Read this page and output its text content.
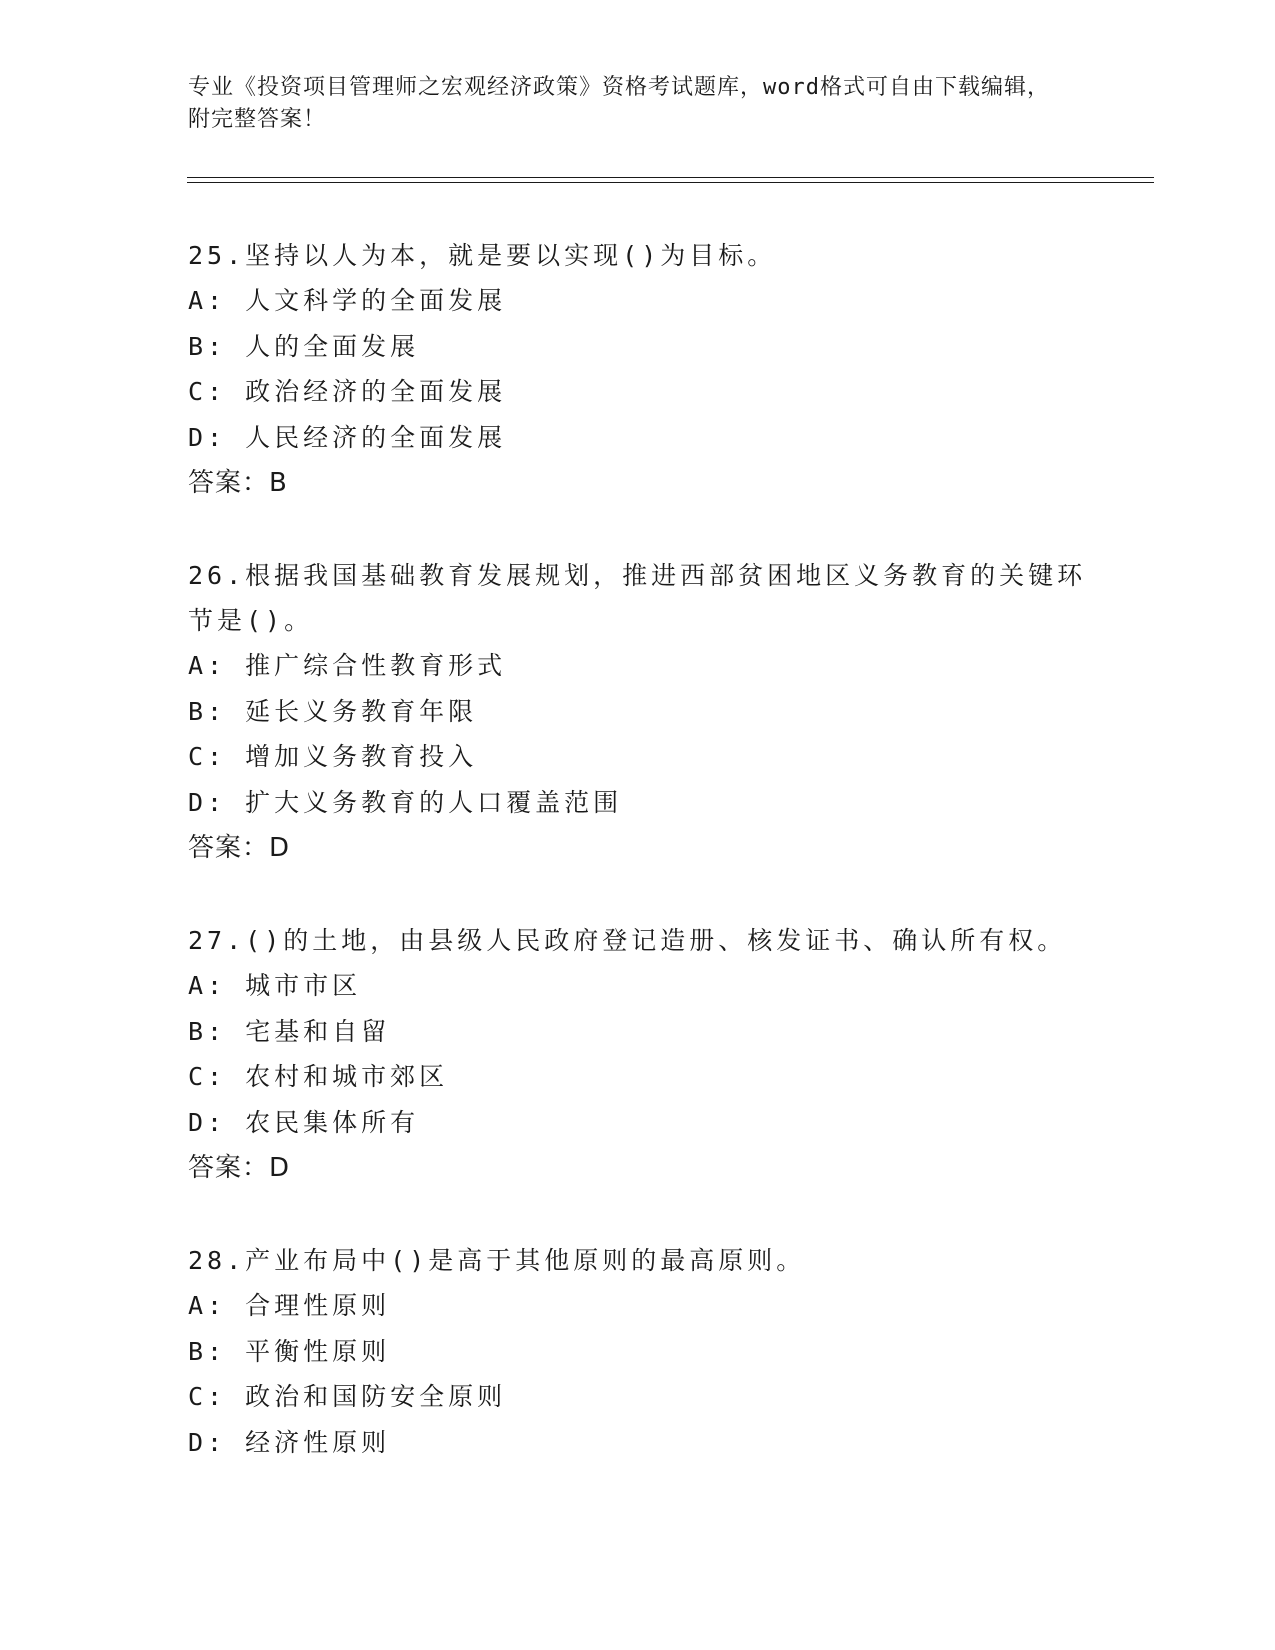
专业《投资项目管理师之宏观经济政策》资格考试题库，word格式可自由下载编辑，附完整答案！
25.坚持以人为本，就是要以实现()为目标。
A: 人文科学的全面发展
B: 人的全面发展
C: 政治经济的全面发展
D: 人民经济的全面发展
答案：B
26.根据我国基础教育发展规划，推进西部贫困地区义务教育的关键环节是()。
A: 推广综合性教育形式
B: 延长义务教育年限
C: 增加义务教育投入
D: 扩大义务教育的人口覆盖范围
答案：D
27.()的土地，由县级人民政府登记造册、核发证书、确认所有权。
A: 城市市区
B: 宅基和自留
C: 农村和城市郊区
D: 农民集体所有
答案：D
28.产业布局中()是高于其他原则的最高原则。
A: 合理性原则
B: 平衡性原则
C: 政治和国防安全原则
D: 经济性原则
